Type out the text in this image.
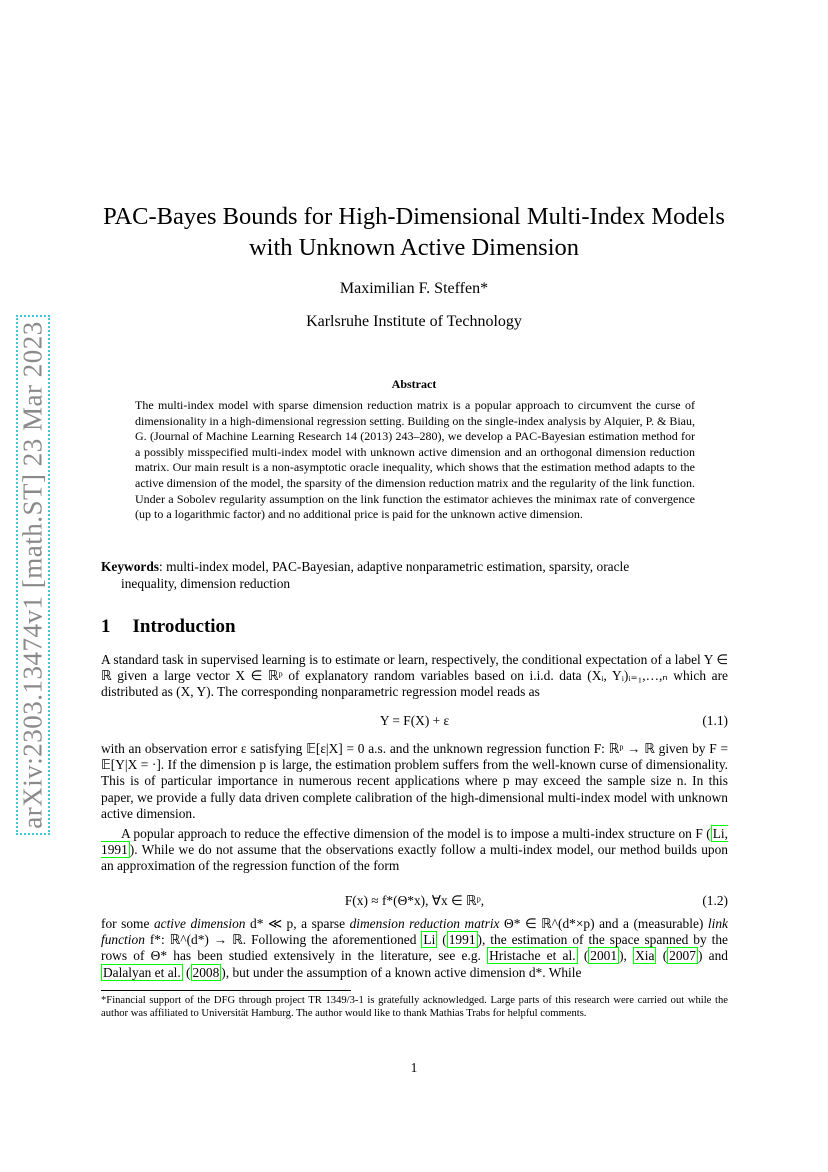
arXiv:2303.13474v1 [math.ST] 23 Mar 2023
PAC-Bayes Bounds for High-Dimensional Multi-Index Models
with Unknown Active Dimension
Maximilian F. Steffen*
Karlsruhe Institute of Technology
Abstract
The multi-index model with sparse dimension reduction matrix is a popular approach to circumvent the curse of dimensionality in a high-dimensional regression setting. Building on the single-index analysis by Alquier, P. & Biau, G. (Journal of Machine Learning Research 14 (2013) 243–280), we develop a PAC-Bayesian estimation method for a possibly misspecified multi-index model with unknown active dimension and an orthogonal dimension reduction matrix. Our main result is a non-asymptotic oracle inequality, which shows that the estimation method adapts to the active dimension of the model, the sparsity of the dimension reduction matrix and the regularity of the link function. Under a Sobolev regularity assumption on the link function the estimator achieves the minimax rate of convergence (up to a logarithmic factor) and no additional price is paid for the unknown active dimension.
Keywords: multi-index model, PAC-Bayesian, adaptive nonparametric estimation, sparsity, oracle
inequality, dimension reduction
1 Introduction
A standard task in supervised learning is to estimate or learn, respectively, the conditional expectation of a label Y ∈ ℝ given a large vector X ∈ ℝᵖ of explanatory random variables based on i.i.d. data (Xᵢ, Yᵢ)ᵢ₌₁,…,ₙ which are distributed as (X, Y). The corresponding nonparametric regression model reads as
Y = F(X) + ε	(1.1)
with an observation error ε satisfying 𝔼[ε|X] = 0 a.s. and the unknown regression function F: ℝᵖ → ℝ given by F = 𝔼[Y|X = ·]. If the dimension p is large, the estimation problem suffers from the well-known curse of dimensionality. This is of particular importance in numerous recent applications where p may exceed the sample size n. In this paper, we provide a fully data driven complete calibration of the high-dimensional multi-index model with unknown active dimension.
A popular approach to reduce the effective dimension of the model is to impose a multi-index structure on F ( Li, 1991 ). While we do not assume that the observations exactly follow a multi-index model, our method builds upon an approximation of the regression function of the form
F(x) ≈ f*(Θ*x), ∀x ∈ ℝᵖ,	(1.2)
for some active dimension d* ≪ p, a sparse dimension reduction matrix Θ* ∈ ℝ^(d*×p) and a (measurable) link function f*: ℝ^(d*) → ℝ. Following the aforementioned Li ( 1991 ), the estimation of the space spanned by the rows of Θ* has been studied extensively in the literature, see e.g. Hristache et al. ( 2001 ), Xia ( 2007 ) and Dalalyan et al. ( 2008 ), but under the assumption of a known active dimension d*. While
*Financial support of the DFG through project TR 1349/3-1 is gratefully acknowledged. Large parts of this research were carried out while the author was affiliated to Universität Hamburg. The author would like to thank Mathias Trabs for helpful comments.
1
